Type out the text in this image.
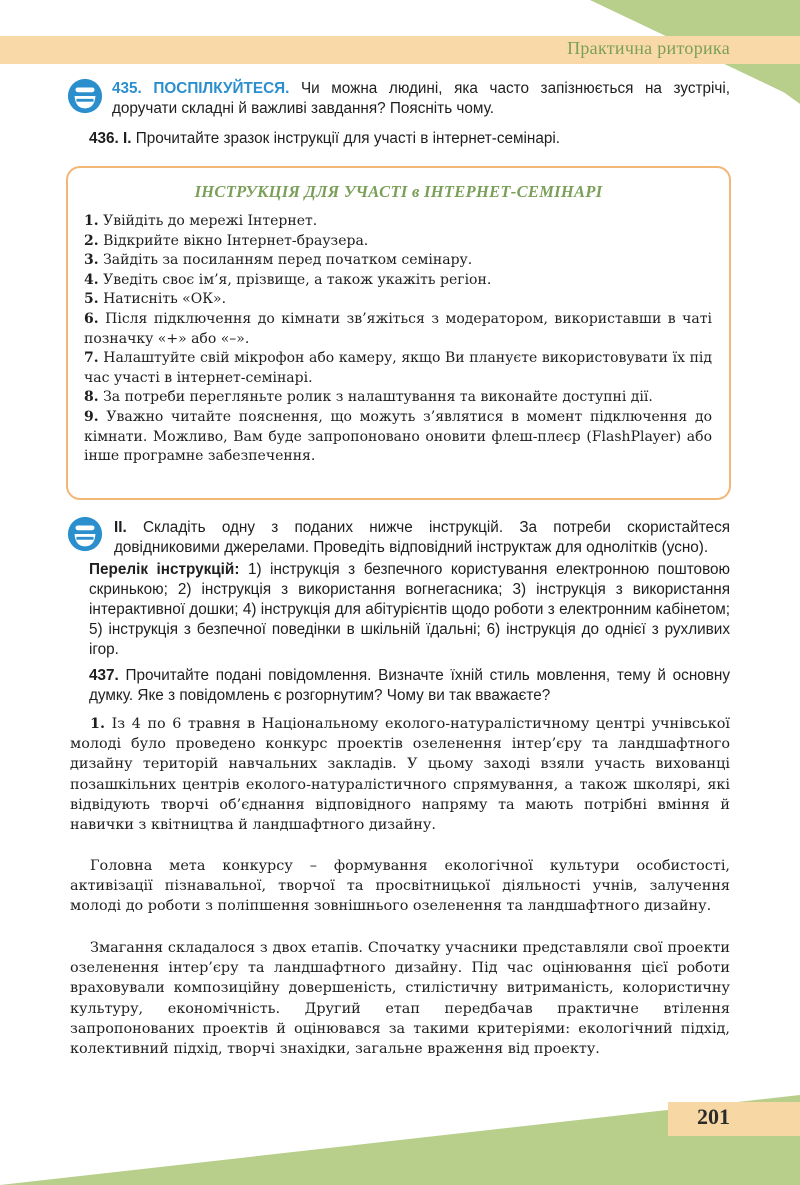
Практична риторика
435. ПОСПІЛКУЙТЕСЯ. Чи можна людині, яка часто запізнюється на зустрічі, доручати складні й важливі завдання? Поясніть чому.
436. I. Прочитайте зразок інструкції для участі в інтернет-семінарі.
ІНСТРУКЦІЯ ДЛЯ УЧАСТІ в ІНТЕРНЕТ-СЕМІНАРІ
1. Увійдіть до мережі Інтернет.
2. Відкрийте вікно Інтернет-браузера.
3. Зайдіть за посиланням перед початком семінару.
4. Уведіть своє ім’я, прізвище, а також укажіть регіон.
5. Натисніть «ОК».
6. Після підключення до кімнати зв’яжіться з модератором, використавши в чаті позначку «+» або «–».
7. Налаштуйте свій мікрофон або камеру, якщо Ви плануєте використовувати їх під час участі в інтернет-семінарі.
8. За потреби перегляньте ролик з налаштування та виконайте доступні дії.
9. Уважно читайте пояснення, що можуть з’являтися в момент підключення до кімнати. Можливо, Вам буде запропоновано оновити флеш-плеєр (FlashPlayer) або інше програмне забезпечення.
II. Складіть одну з поданих нижче інструкцій. За потреби скористайтеся довідниковими джерелами. Проведіть відповідний інструктаж для однолітків (усно).
Перелік інструкцій: 1) інструкція з безпечного користування електронною поштовою скринькою; 2) інструкція з використання вогнегасника; 3) інструкція з використання інтерактивної дошки; 4) інструкція для абітурієнтів щодо роботи з електронним кабінетом; 5) інструкція з безпечної поведінки в шкільній їдальні; 6) інструкція до однієї з рухливих ігор.
437. Прочитайте подані повідомлення. Визначте їхній стиль мовлення, тему й основну думку. Яке з повідомлень є розгорнутим? Чому ви так вважаєте?

1. Із 4 по 6 травня в Національному еколого-натуралістичному центрі учнівської молоді було проведено конкурс проектів озеленення інтер’єру та ландшафтного дизайну територій навчальних закладів. У цьому заході взяли участь вихованці позашкільних центрів еколого-натуралістичного спрямування, а також школярі, які відвідують творчі об’єднання відповідного напряму та мають потрібні вміння й навички з квітництва й ландшафтного дизайну.

Головна мета конкурсу – формування екологічної культури особистості, активізації пізнавальної, творчої та просвітницької діяльності учнів, залучення молоді до роботи з поліпшення зовнішнього озеленення та ландшафтного дизайну.

Змагання складалося з двох етапів. Спочатку учасники представляли свої проекти озеленення інтер’єру та ландшафтного дизайну. Під час оцінювання цієї роботи враховували композиційну довершеність, стилістичну витриманість, колористичну культуру, економічність. Другий етап передбачав практичне втілення запропонованих проектів й оцінювався за такими критеріями: екологічний підхід, колективний підхід, творчі знахідки, загальне враження від проекту.

201
